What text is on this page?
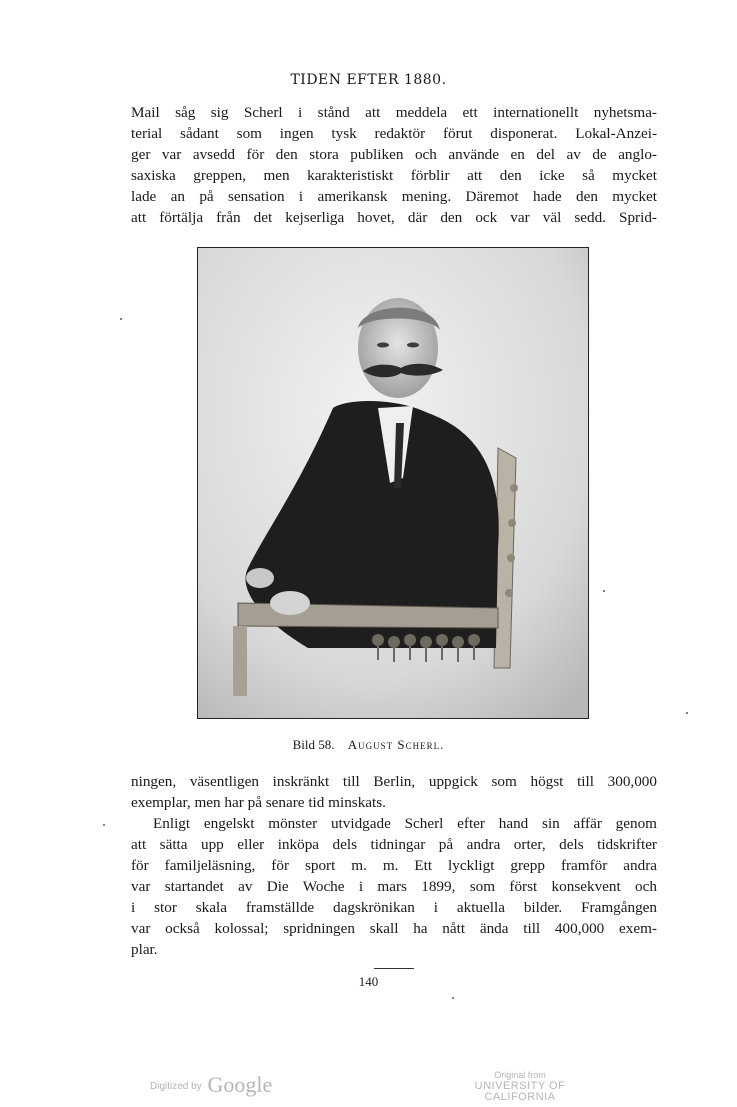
TIDEN EFTER 1880.
Mail såg sig Scherl i stånd att meddela ett internationellt nyhetsma-
terial sådant som ingen tysk redaktör förut disponerat. Lokal-Anzei-
ger var avsedd för den stora publiken och använde en del av de anglo-
saxiska greppen, men karakteristiskt förblir att den icke så mycket
lade an på sensation i amerikansk mening. Däremot hade den mycket
att förtälja från det kejserliga hovet, där den ock var väl sedd. Sprid-
Bild 58. August Scherl.
ningen, väsentligen inskränkt till Berlin, uppgick som högst till 300,000
exemplar, men har på senare tid minskats.
Enligt engelskt mönster utvidgade Scherl efter hand sin affär genom
att sätta upp eller inköpa dels tidningar på andra orter, dels tidskrifter
för familjeläsning, för sport m. m. Ett lyckligt grepp framför andra
var startandet av Die Woche i mars 1899, som först konsekvent och
i stor skala framställde dagskrönikan i aktuella bilder. Framgången
var också kolossal; spridningen skall ha nått ända till 400,000 exem-
plar.
140
Digitized by Google	Original from
UNIVERSITY OF CALIFORNIA
